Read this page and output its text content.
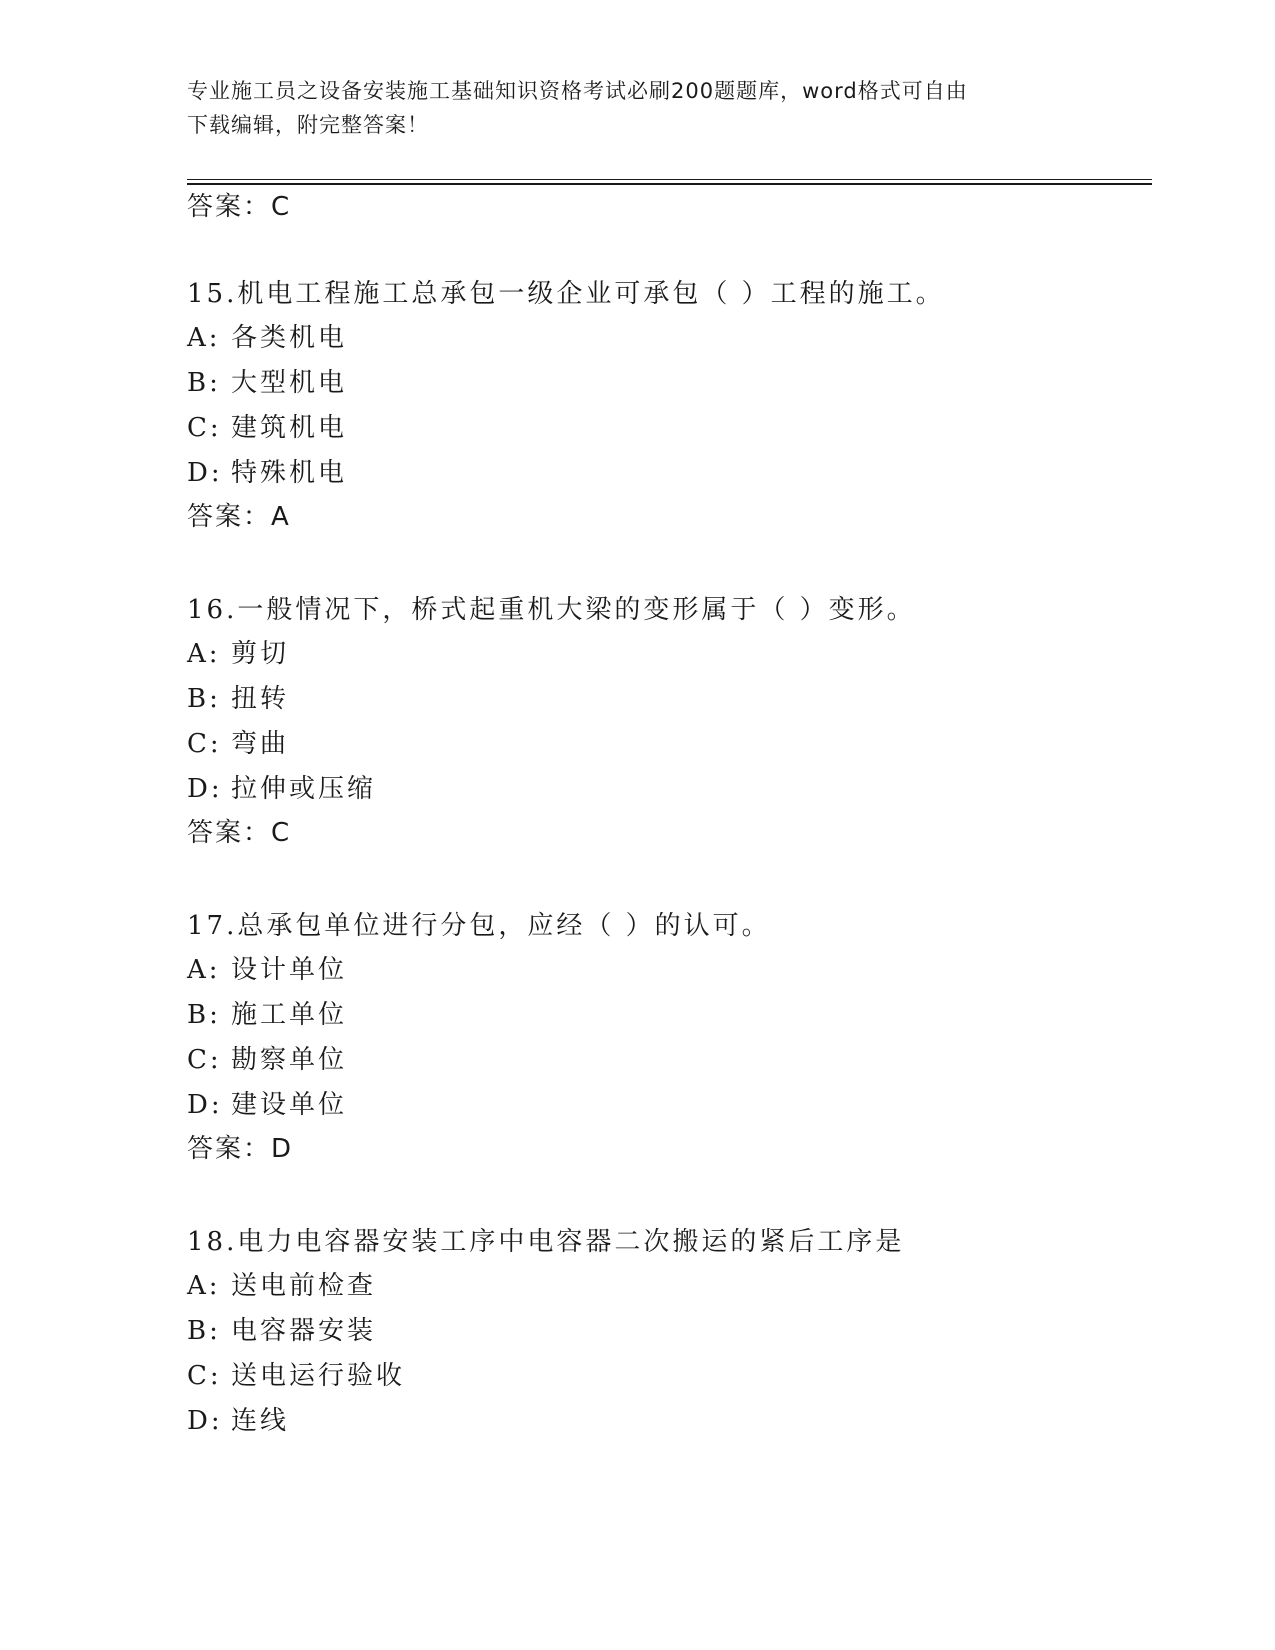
专业施工员之设备安装施工基础知识资格考试必刷200题题库，word格式可自由
下载编辑，附完整答案！
答案：C
15.机电工程施工总承包一级企业可承包（ ）工程的施工。
A: 各类机电
B: 大型机电
C: 建筑机电
D: 特殊机电
答案：A
16.一般情况下，桥式起重机大梁的变形属于（ ）变形。
A: 剪切
B: 扭转
C: 弯曲
D: 拉伸或压缩
答案：C
17.总承包单位进行分包，应经（ ）的认可。
A: 设计单位
B: 施工单位
C: 勘察单位
D: 建设单位
答案：D
18.电力电容器安装工序中电容器二次搬运的紧后工序是
A: 送电前检查
B: 电容器安装
C: 送电运行验收
D: 连线
